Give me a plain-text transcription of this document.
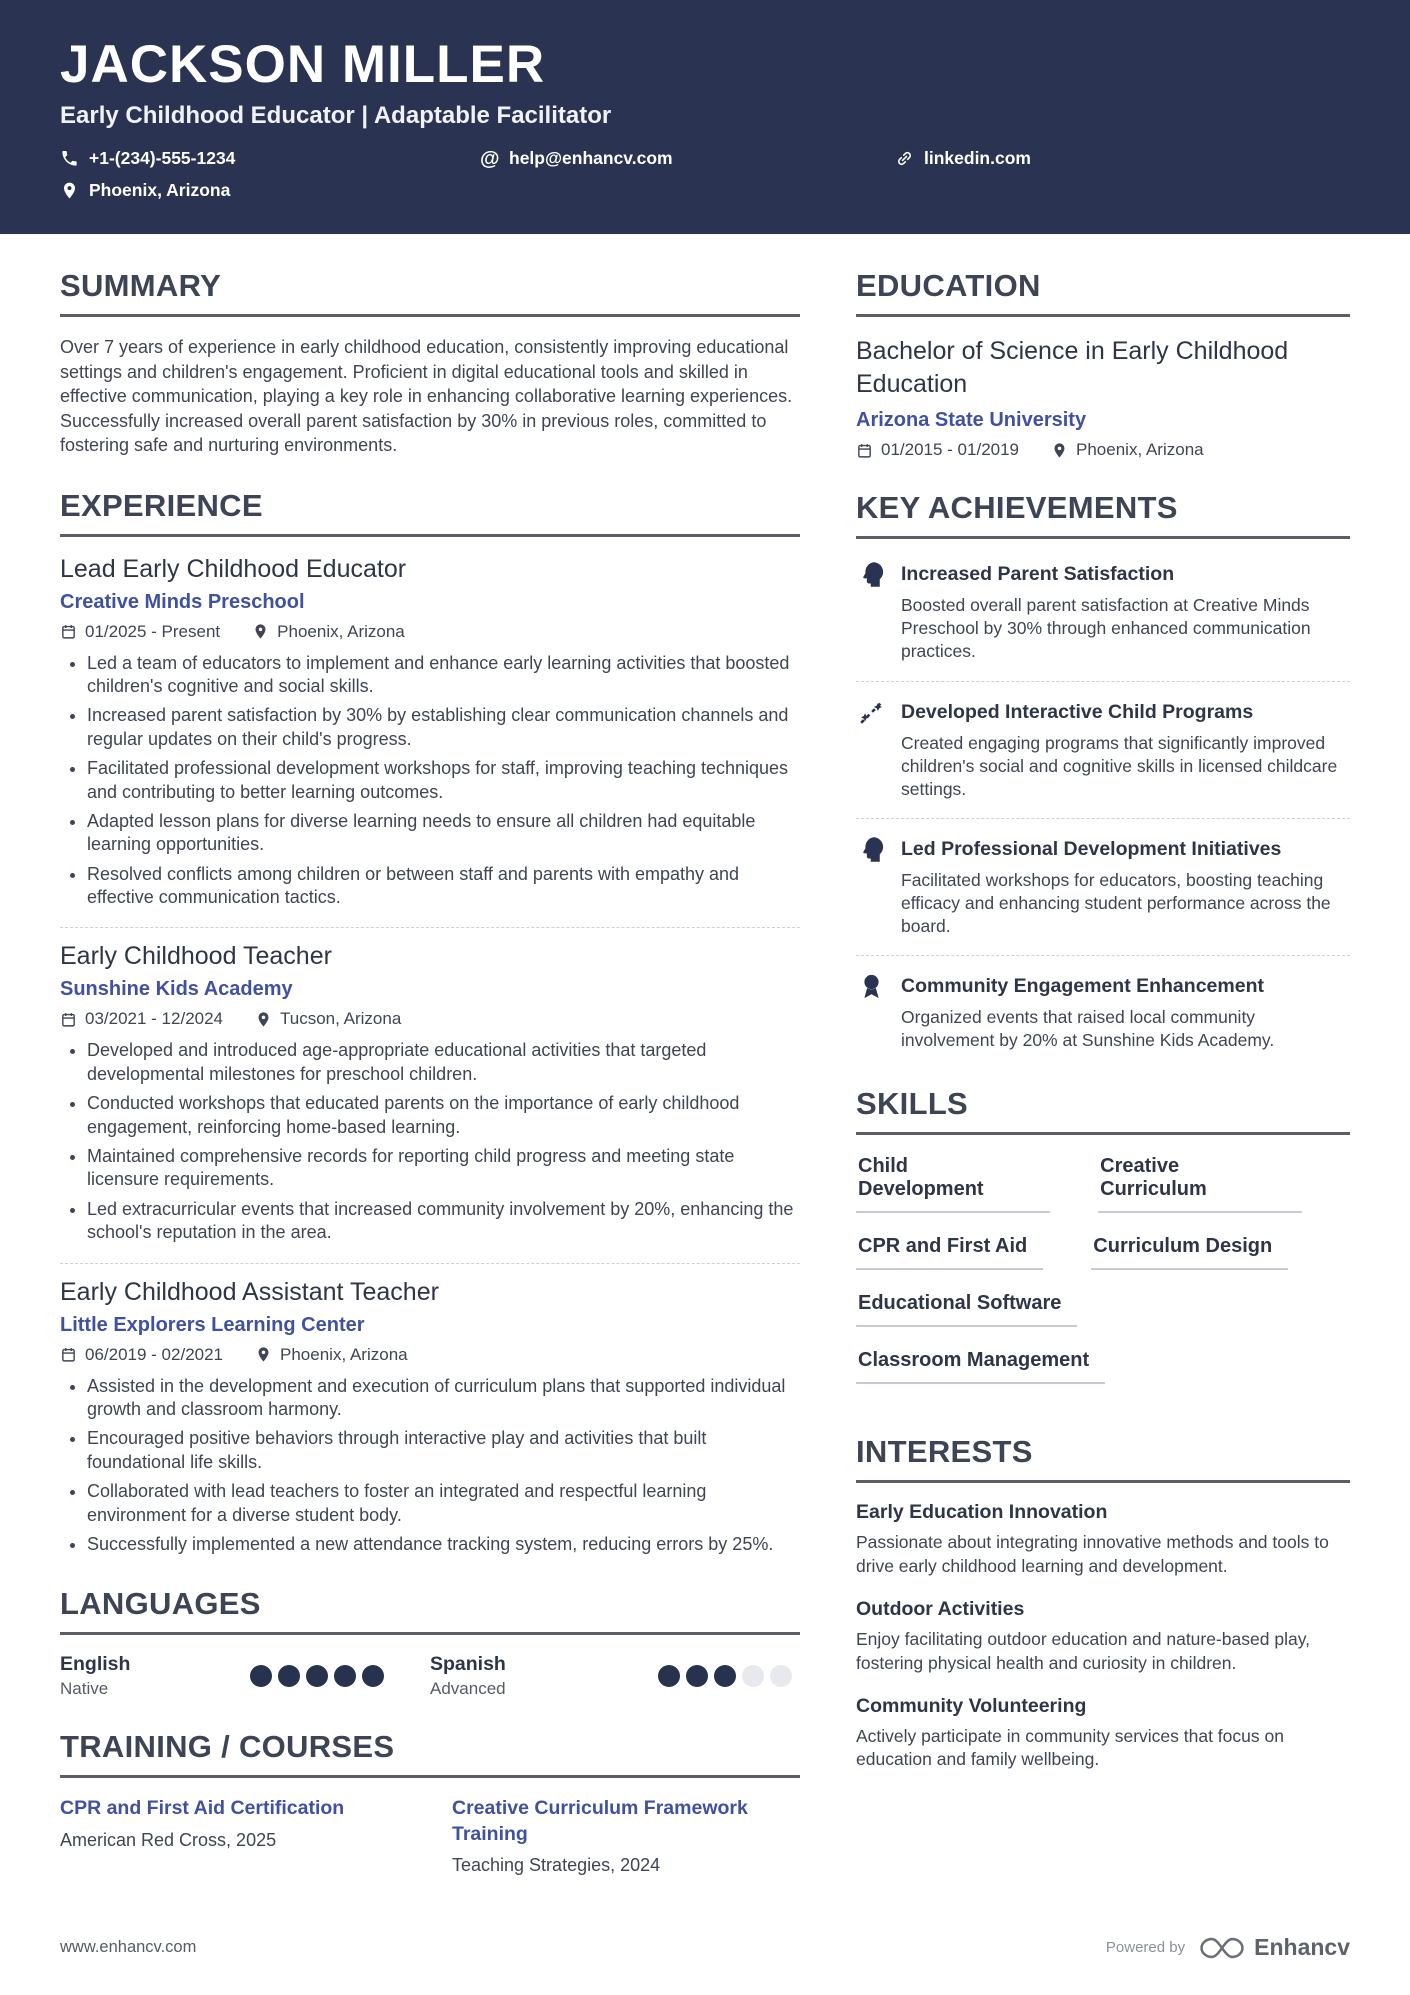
JACKSON MILLER
Early Childhood Educator | Adaptable Facilitator
+1-(234)-555-1234	@ help@enhancv.com	linkedin.com
Phoenix, Arizona
SUMMARY
Over 7 years of experience in early childhood education, consistently improving educational settings and children's engagement. Proficient in digital educational tools and skilled in effective communication, playing a key role in enhancing collaborative learning experiences. Successfully increased overall parent satisfaction by 30% in previous roles, committed to fostering safe and nurturing environments.
EXPERIENCE
Lead Early Childhood Educator
Creative Minds Preschool
01/2025 - Present	Phoenix, Arizona
• Led a team of educators to implement and enhance early learning activities that boosted children's cognitive and social skills.
• Increased parent satisfaction by 30% by establishing clear communication channels and regular updates on their child's progress.
• Facilitated professional development workshops for staff, improving teaching techniques and contributing to better learning outcomes.
• Adapted lesson plans for diverse learning needs to ensure all children had equitable learning opportunities.
• Resolved conflicts among children or between staff and parents with empathy and effective communication tactics.
Early Childhood Teacher
Sunshine Kids Academy
03/2021 - 12/2024	Tucson, Arizona
• Developed and introduced age-appropriate educational activities that targeted developmental milestones for preschool children.
• Conducted workshops that educated parents on the importance of early childhood engagement, reinforcing home-based learning.
• Maintained comprehensive records for reporting child progress and meeting state licensure requirements.
• Led extracurricular events that increased community involvement by 20%, enhancing the school's reputation in the area.
Early Childhood Assistant Teacher
Little Explorers Learning Center
06/2019 - 02/2021	Phoenix, Arizona
• Assisted in the development and execution of curriculum plans that supported individual growth and classroom harmony.
• Encouraged positive behaviors through interactive play and activities that built foundational life skills.
• Collaborated with lead teachers to foster an integrated and respectful learning environment for a diverse student body.
• Successfully implemented a new attendance tracking system, reducing errors by 25%.
LANGUAGES
English
Native
Spanish
Advanced
TRAINING / COURSES
CPR and First Aid Certification
American Red Cross, 2025
Creative Curriculum Framework Training
Teaching Strategies, 2024
EDUCATION
Bachelor of Science in Early Childhood Education
Arizona State University
01/2015 - 01/2019	Phoenix, Arizona
KEY ACHIEVEMENTS
Increased Parent Satisfaction
Boosted overall parent satisfaction at Creative Minds Preschool by 30% through enhanced communication practices.
Developed Interactive Child Programs
Created engaging programs that significantly improved children's social and cognitive skills in licensed childcare settings.
Led Professional Development Initiatives
Facilitated workshops for educators, boosting teaching efficacy and enhancing student performance across the board.
Community Engagement Enhancement
Organized events that raised local community involvement by 20% at Sunshine Kids Academy.
SKILLS
Child Development
Creative Curriculum
CPR and First Aid	Curriculum Design
Educational Software
Classroom Management
INTERESTS
Early Education Innovation
Passionate about integrating innovative methods and tools to drive early childhood learning and development.
Outdoor Activities
Enjoy facilitating outdoor education and nature-based play, fostering physical health and curiosity in children.
Community Volunteering
Actively participate in community services that focus on education and family wellbeing.
www.enhancv.com	Powered by	Enhancv
